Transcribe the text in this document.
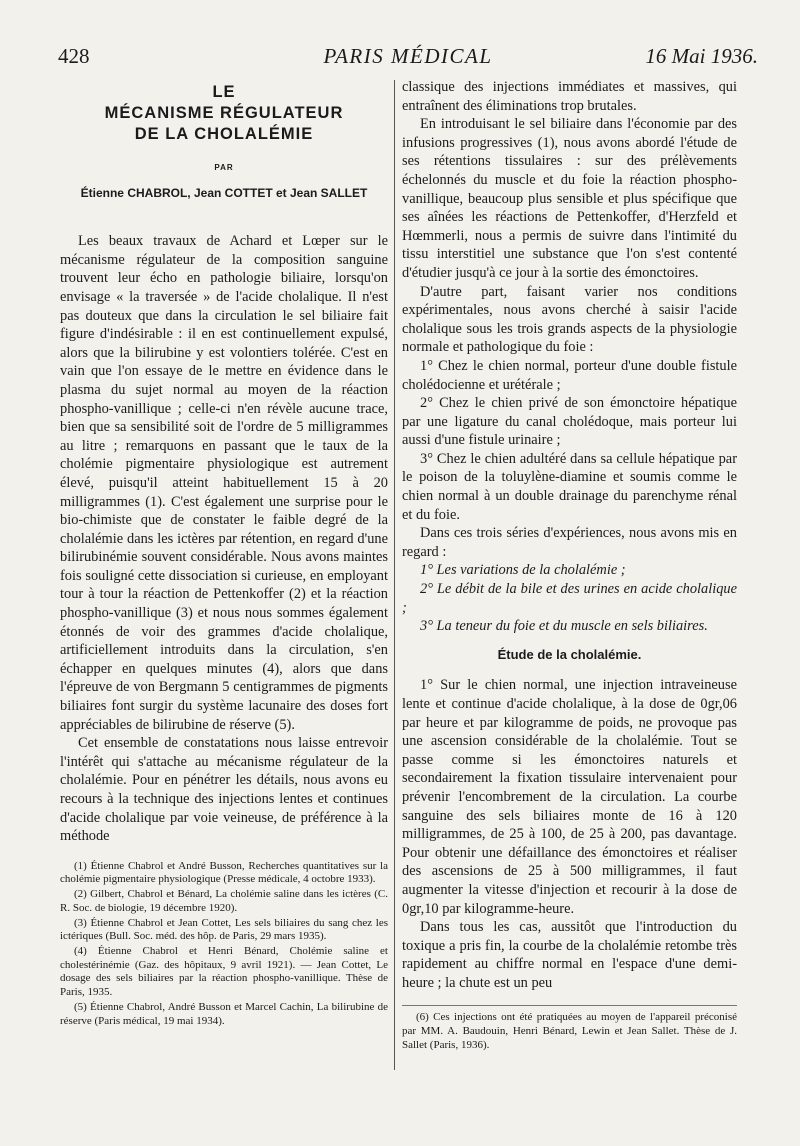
428	PARIS MÉDICAL	16 Mai 1936.
LE
MÉCANISME RÉGULATEUR
DE LA CHOLALÉMIE
PAR
Étienne CHABROL, Jean COTTET et Jean SALLET

Les beaux travaux de Achard et Lœper sur le mécanisme régulateur de la composition sanguine trouvent leur écho en pathologie biliaire, lorsqu'on envisage « la traversée » de l'acide cholalique. Il n'est pas douteux que dans la circulation le sel biliaire fait figure d'indésirable : il en est continuellement expulsé, alors que la bilirubine y est volontiers tolérée. C'est en vain que l'on essaye de le mettre en évidence dans le plasma du sujet normal au moyen de la réaction phospho-vanillique ; celle-ci n'en révèle aucune trace, bien que sa sensibilité soit de l'ordre de 5 milligrammes au litre ; remarquons en passant que le taux de la cholémie pigmentaire physiologique est autrement élevé, puisqu'il atteint habituellement 15 à 20 milligrammes (1). C'est également une surprise pour le bio-chimiste que de constater le faible degré de la cholalémie dans les ictères par rétention, en regard d'une bilirubinémie souvent considérable. Nous avons maintes fois souligné cette dissociation si curieuse, en employant tour à tour la réaction de Pettenkoffer (2) et la réaction phospho-vanillique (3) et nous nous sommes également étonnés de voir des grammes d'acide cholalique, artificiellement introduits dans la circulation, s'en échapper en quelques minutes (4), alors que dans l'épreuve de von Bergmann 5 centigrammes de pigments biliaires font surgir du système lacunaire des doses fort appréciables de bilirubine de réserve (5).

Cet ensemble de constatations nous laisse entrevoir l'intérêt qui s'attache au mécanisme régulateur de la cholalémie. Pour en pénétrer les détails, nous avons eu recours à la technique des injections lentes et continues d'acide cholalique par voie veineuse, de préférence à la méthode

(1) Étienne Chabrol et André Busson, Recherches quantitatives sur la cholémie pigmentaire physiologique (Presse médicale, 4 octobre 1933).

(2) Gilbert, Chabrol et Bénard, La cholémie saline dans les ictères (C. R. Soc. de biologie, 19 décembre 1920).

(3) Étienne Chabrol et Jean Cottet, Les sels biliaires du sang chez les ictériques (Bull. Soc. méd. des hôp. de Paris, 29 mars 1935).

(4) Étienne Chabrol et Henri Bénard, Cholémie saline et cholestérinémie (Gaz. des hôpitaux, 9 avril 1921). — Jean Cottet, Le dosage des sels biliaires par la réaction phospho-vanillique. Thèse de Paris, 1935.

(5) Étienne Chabrol, André Busson et Marcel Cachin, La bilirubine de réserve (Paris médical, 19 mai 1934).

classique des injections immédiates et massives, qui entraînent des éliminations trop brutales.

En introduisant le sel biliaire dans l'économie par des infusions progressives (1), nous avons abordé l'étude de ses rétentions tissulaires : sur des prélèvements échelonnés du muscle et du foie la réaction phospho-vanillique, beaucoup plus sensible et plus spécifique que ses aînées les réactions de Pettenkoffer, d'Herzfeld et Hœmmerli, nous a permis de suivre dans l'intimité du tissu interstitiel une substance que l'on s'est contenté d'étudier jusqu'à ce jour à la sortie des émonctoires.

D'autre part, faisant varier nos conditions expérimentales, nous avons cherché à saisir l'acide cholalique sous les trois grands aspects de la physiologie normale et pathologique du foie :

1° Chez le chien normal, porteur d'une double fistule cholédocienne et urétérale ;

2° Chez le chien privé de son émonctoire hépatique par une ligature du canal cholédoque, mais porteur lui aussi d'une fistule urinaire ;

3° Chez le chien adultéré dans sa cellule hépatique par le poison de la toluylène-diamine et soumis comme le chien normal à un double drainage du parenchyme rénal et du foie.

Dans ces trois séries d'expériences, nous avons mis en regard :

1° Les variations de la cholalémie ;

2° Le débit de la bile et des urines en acide cholalique ;

3° La teneur du foie et du muscle en sels biliaires.

Étude de la cholalémie.

1° Sur le chien normal, une injection intraveineuse lente et continue d'acide cholalique, à la dose de 0gr,06 par heure et par kilogramme de poids, ne provoque pas une ascension considérable de la cholalémie. Tout se passe comme si les émonctoires naturels et secondairement la fixation tissulaire intervenaient pour prévenir l'encombrement de la circulation. La courbe sanguine des sels biliaires monte de 16 à 120 milligrammes, de 25 à 100, de 25 à 200, pas davantage. Pour obtenir une défaillance des émonctoires et réaliser des ascensions de 25 à 500 milligrammes, il faut augmenter la vitesse d'injection et recourir à la dose de 0gr,10 par kilogramme-heure.

Dans tous les cas, aussitôt que l'introduction du toxique a pris fin, la courbe de la cholalémie retombe très rapidement au chiffre normal en l'espace d'une demi-heure ; la chute est un peu

(6) Ces injections ont été pratiquées au moyen de l'appareil préconisé par MM. A. Baudouin, Henri Bénard, Lewin et Jean Sallet. Thèse de J. Sallet (Paris, 1936).
